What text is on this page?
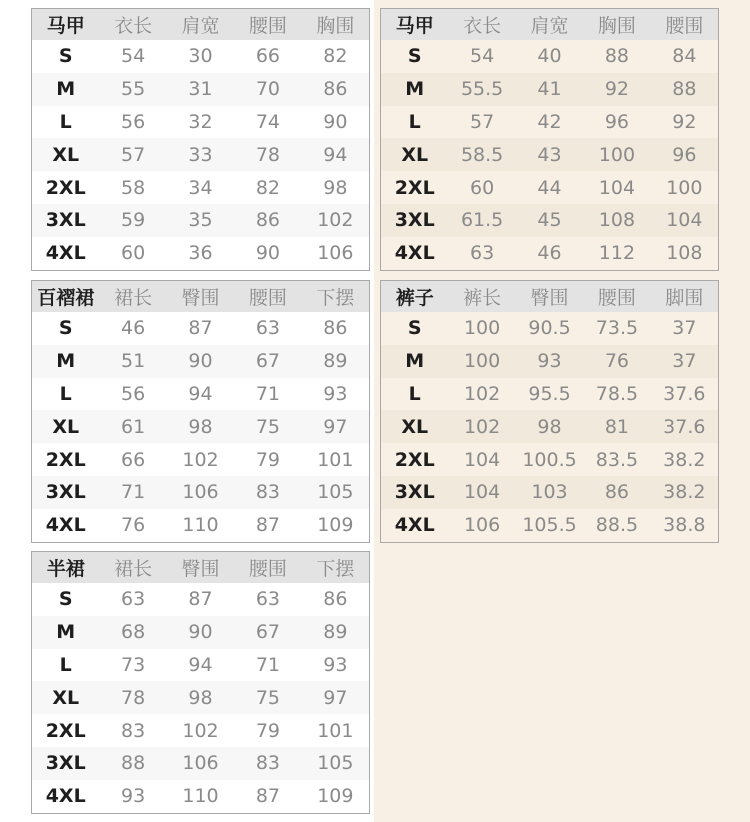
马甲	衣长	肩宽	腰围	胸围
S	54	30	66	82
M	55	31	70	86
L	56	32	74	90
XL	57	33	78	94
2XL	58	34	82	98
3XL	59	35	86	102
4XL	60	36	90	106
马甲	衣长	肩宽	胸围	腰围
S	54	40	88	84
M	55.5	41	92	88
L	57	42	96	92
XL	58.5	43	100	96
2XL	60	44	104	100
3XL	61.5	45	108	104
4XL	63	46	112	108
百褶裙	裙长	臀围	腰围	下摆
S	46	87	63	86
M	51	90	67	89
L	56	94	71	93
XL	61	98	75	97
2XL	66	102	79	101
3XL	71	106	83	105
4XL	76	110	87	109
裤子	裤长	臀围	腰围	脚围
S	100	90.5	73.5	37
M	100	93	76	37
L	102	95.5	78.5	37.6
XL	102	98	81	37.6
2XL	104	100.5	83.5	38.2
3XL	104	103	86	38.2
4XL	106	105.5	88.5	38.8
半裙	裙长	臀围	腰围	下摆
S	63	87	63	86
M	68	90	67	89
L	73	94	71	93
XL	78	98	75	97
2XL	83	102	79	101
3XL	88	106	83	105
4XL	93	110	87	109
